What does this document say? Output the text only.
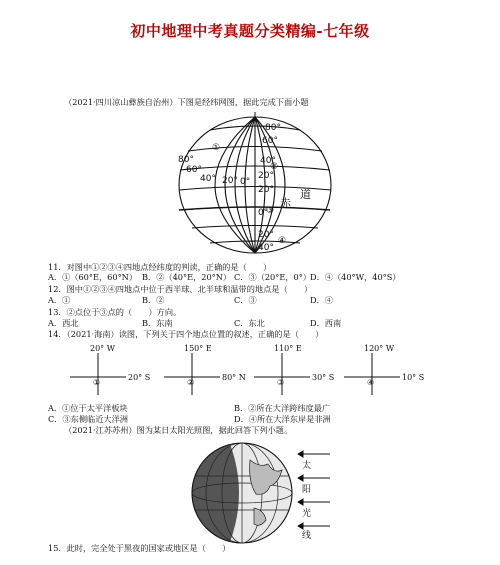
初中地理中考真题分类精编-七年级
（2021·四川凉山彝族自治州）下图是经纬网图，据此完成下面小题
80°
60°
40°
20°
0°
20°
40°
80°
60°
40° 20° 0°
20°
①
②
③
④
赤
道
11．对图中①②③④四地点经纬度的判读，正确的是（　　）
A．①（60°E，60°N） B．②（40°E，20°N） C．③（20°E，0°） D．④（40°W，40°S）
12．图中①②③④四地点中位于西半球、北半球和温带的地点是（　　）
A．①	B．②	C．③	D．④
13．②点位于③点的（　　）方向。
A．西北	B．东南	C．东北	D．西南
14．（2021·海南）读图，下列关于四个地点位置的叙述，正确的是（　　）
20° W
20° S
①
150° E
80° N
②
110° E
30° S
③
120° W
10° S
④
A．①位于太平洋板块	B．②所在大洋跨纬度最广
C．③东侧临近大洋洲	D．④所在大洋东岸是非洲
（2021·江苏苏州）图为某日太阳光照图，据此回答下列小题。
太
阳
光
线
15．此时，完全处于黑夜的国家或地区是（　　）
